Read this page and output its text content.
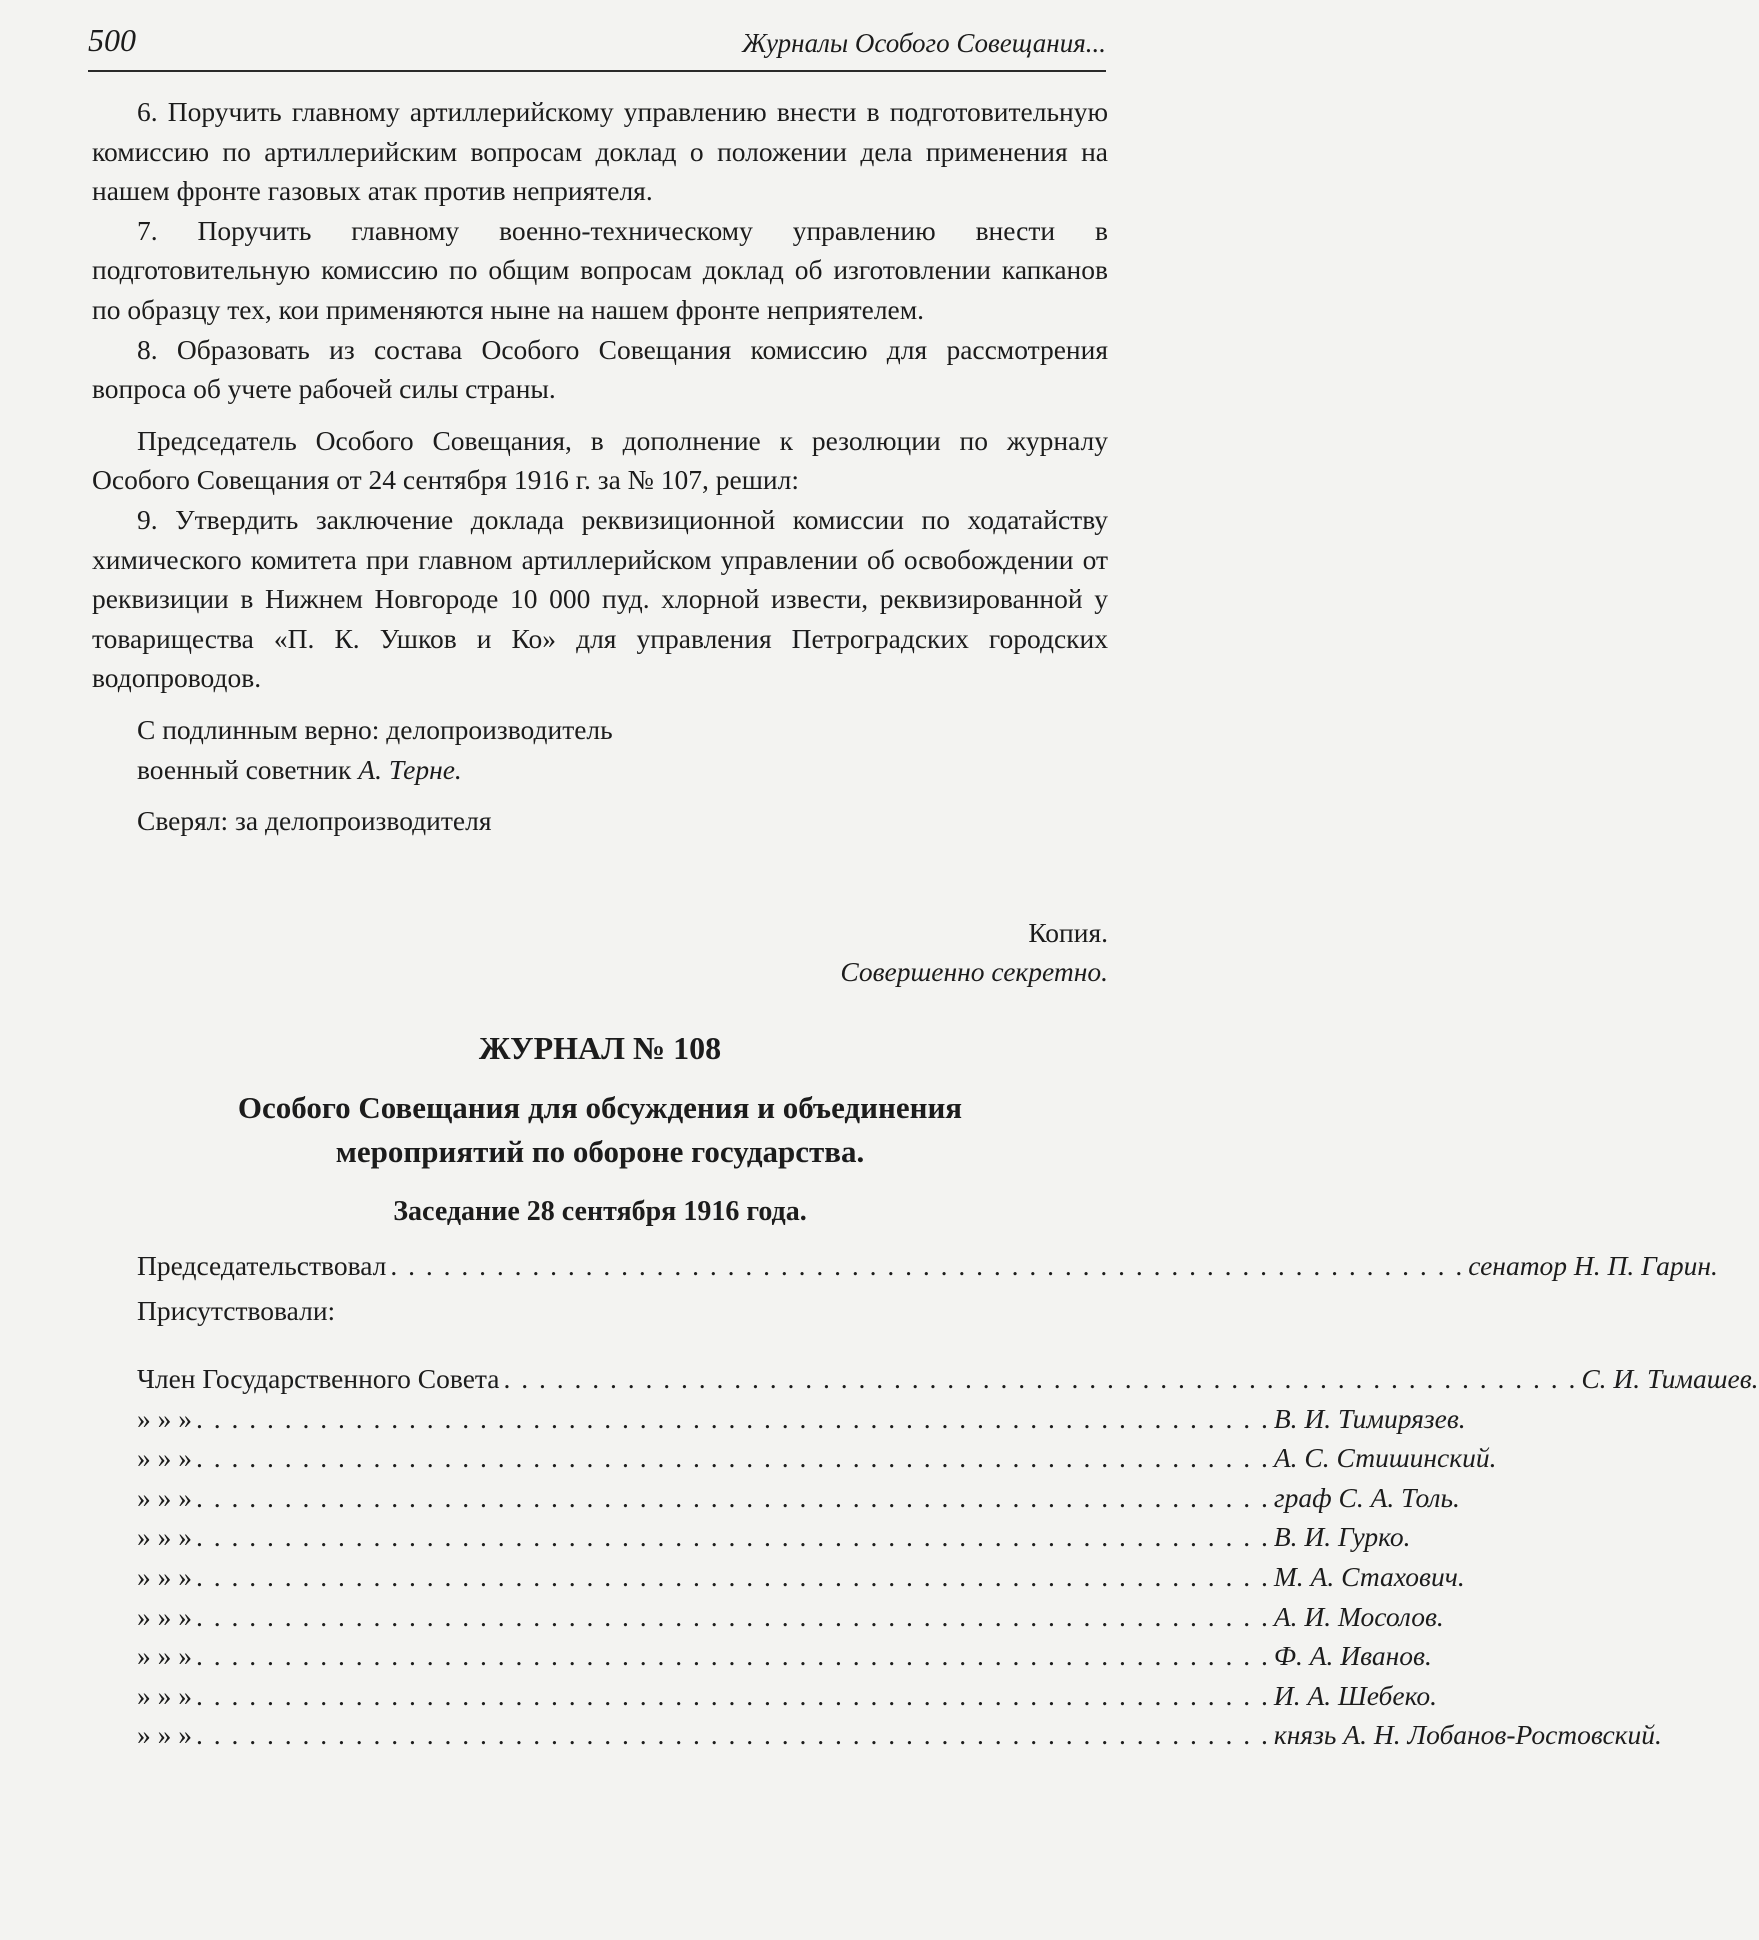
500	Журналы Особого Совещания...

6. Поручить главному артиллерийскому управлению внести в подготовительную комиссию по артиллерийским вопросам доклад о положении дела применения на нашем фронте газовых атак против неприятеля.

7. Поручить главному военно-техническому управлению внести в подготовительную комиссию по общим вопросам доклад об изготовлении капканов по образцу тех, кои применяются ныне на нашем фронте неприятелем.

8. Образовать из состава Особого Совещания комиссию для рассмотрения вопроса об учете рабочей силы страны.

Председатель Особого Совещания, в дополнение к резолюции по журналу Особого Совещания от 24 сентября 1916 г. за № 107, решил:

9. Утвердить заключение доклада реквизиционной комиссии по ходатайству химического комитета при главном артиллерийском управлении об освобождении от реквизиции в Нижнем Новгороде 10 000 пуд. хлорной извести, реквизированной у товарищества «П. К. Ушков и Ко» для управления Петроградских городских водопроводов.

С подлинным верно: делопроизводитель

военный советник А. Терне.

Сверял: за делопроизводителя

Копия.

Совершенно секретно.

ЖУРНАЛ № 108

Особого Совещания для обсуждения и объединения

мероприятий по обороне государства.

Заседание 28 сентября 1916 года.

Председательствовал . . . . . . . . . . . . . . . . . . . . . . . . . . . . . . . . . . . . . . . . . . . . . . . . . . . . . . . . . . . . . сенатор Н. П. Гарин.

Присутствовали:

Член Государственного Совета . . . . . . . . . . . . . . . . . . . . . . . . . . . . . . . . . . . . . . . . . . . . . . . . . . . . . . . . . . . . . С. И. Тимашев.
» » » . . . . . . . . . . . . . . . . . . . . . . . . . . . . . . . . . . . . . . . . . . . . . . . . . . . . . . . . . . . . . В. И. Тимирязев.
» » » . . . . . . . . . . . . . . . . . . . . . . . . . . . . . . . . . . . . . . . . . . . . . . . . . . . . . . . . . . . . . А. С. Стишинский.
» » » . . . . . . . . . . . . . . . . . . . . . . . . . . . . . . . . . . . . . . . . . . . . . . . . . . . . . . . . . . . . . граф С. А. Толь.
» » » . . . . . . . . . . . . . . . . . . . . . . . . . . . . . . . . . . . . . . . . . . . . . . . . . . . . . . . . . . . . . В. И. Гурко.
» » » . . . . . . . . . . . . . . . . . . . . . . . . . . . . . . . . . . . . . . . . . . . . . . . . . . . . . . . . . . . . . М. А. Стахович.
» » » . . . . . . . . . . . . . . . . . . . . . . . . . . . . . . . . . . . . . . . . . . . . . . . . . . . . . . . . . . . . . А. И. Мосолов.
» » » . . . . . . . . . . . . . . . . . . . . . . . . . . . . . . . . . . . . . . . . . . . . . . . . . . . . . . . . . . . . . Ф. А. Иванов.
» » » . . . . . . . . . . . . . . . . . . . . . . . . . . . . . . . . . . . . . . . . . . . . . . . . . . . . . . . . . . . . . И. А. Шебеко.
» » » . . . . . . . . . . . . . . . . . . . . . . . . . . . . . . . . . . . . . . . . . . . . . . . . . . . . . . . . . . . . . князь А. Н. Лобанов-Ростовский.
